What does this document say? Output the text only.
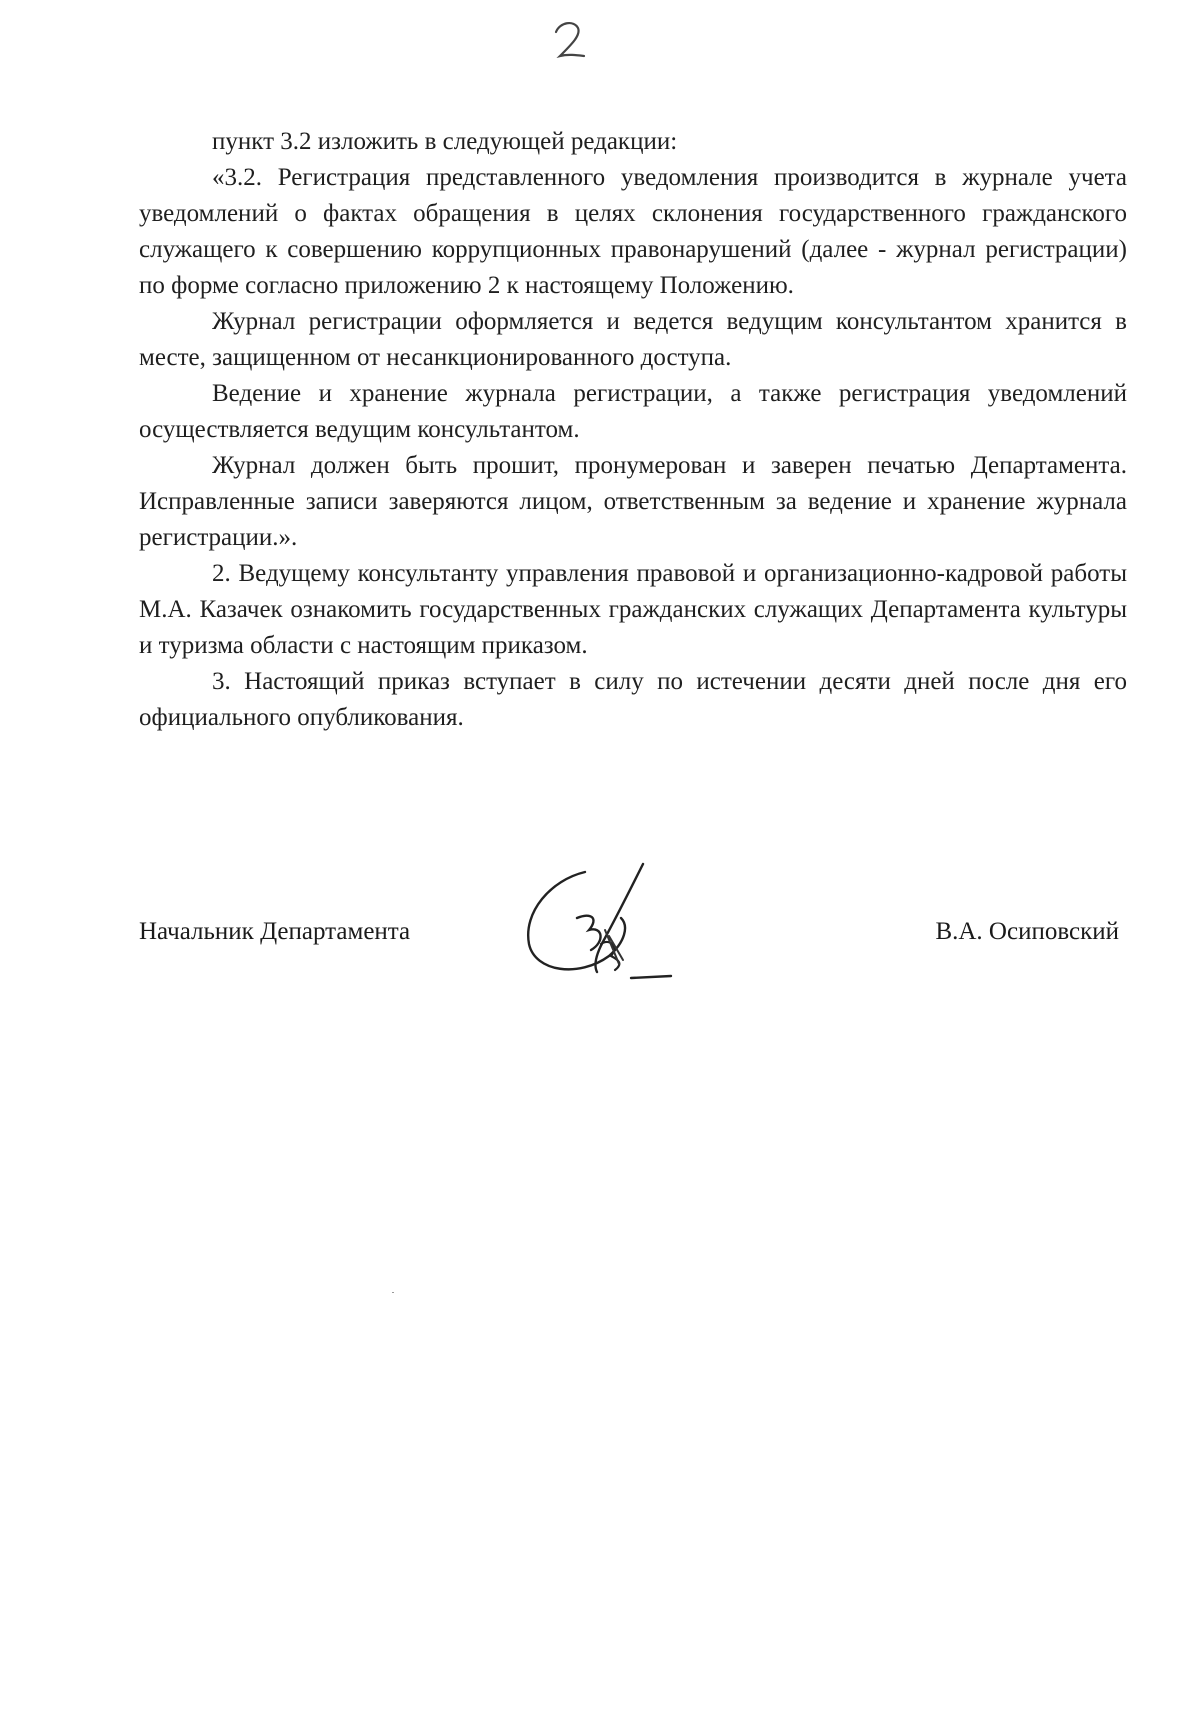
пункт 3.2 изложить в следующей редакции:

«3.2. Регистрация представленного уведомления производится в журнале учета уведомлений о фактах обращения в целях склонения государственного гражданского служащего к совершению коррупционных правонарушений (далее - журнал регистрации) по форме согласно приложению 2 к настоящему Положению.

Журнал регистрации оформляется и ведется ведущим консультантом хранится в месте, защищенном от несанкционированного доступа.

Ведение и хранение журнала регистрации, а также регистрация уведомлений осуществляется ведущим консультантом.

Журнал должен быть прошит, пронумерован и заверен печатью Департамента. Исправленные записи заверяются лицом, ответственным за ведение и хранение журнала регистрации.».

2. Ведущему консультанту управления правовой и организационно-кадровой работы М.А. Казачек ознакомить государственных гражданских служащих Департамента культуры и туризма области с настоящим приказом.

3. Настоящий приказ вступает в силу по истечении десяти дней после дня его официального опубликования.

Начальник Департамента	В.А. Осиповский
